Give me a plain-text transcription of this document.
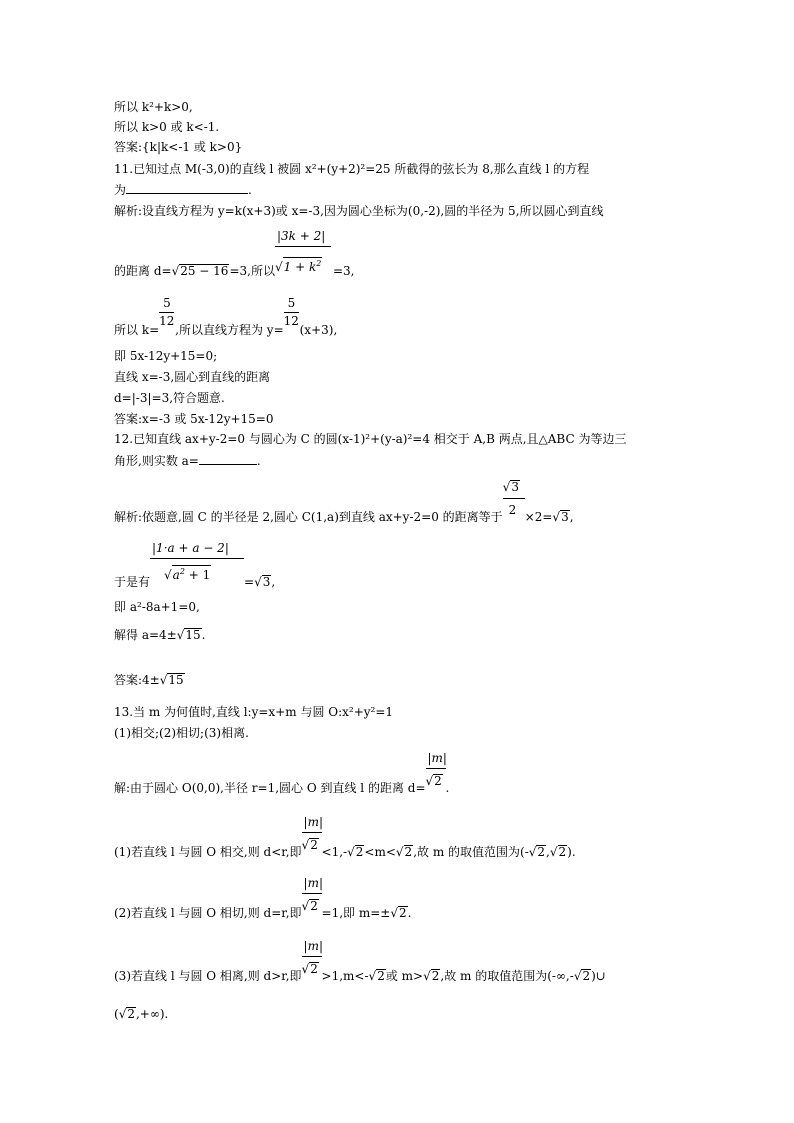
所以 k²+k>0,
所以 k>0 或 k<-1.
答案:{k|k<-1 或 k>0}
11.已知过点 M(-3,0)的直线 l 被圆 x²+(y+2)²=25 所截得的弦长为 8,那么直线 l 的方程
为	.
解析:设直线方程为 y=k(x+3)或 x=-3,因为圆心坐标为(0,-2),圆的半径为 5,所以圆心到直线
的距离 d=√25 − 16=3,所以 $\frac{|3k + 2|}{√1 + k^2} =3$,
所以 $k= \frac{5}{12}$ ,所以直线方程为 $y= \frac{5}{12} (x+3)$,
即 5x-12y+15=0;
直线 x=-3,圆心到直线的距离
d=|-3|=3,符合题意.
答案:x=-3 或 5x-12y+15=0
12.已知直线 ax+y-2=0 与圆心为 C 的圆(x-1)²+(y-a)²=4 相交于 A,B 两点,且△ABC 为等边三
角形,则实数 a=	.
解析:依题意,圆 C 的半径是 2,圆心 C(1,a)到直线 ax+y-2=0 的距离等于 $\frac{√3}{2} \times 2=√3$,
于是有 $\frac{|1\cdot a + a - 2|}{√a^2 + 1} =√3$,
即 a²-8a+1=0,
解得 a=4±√15.
答案:4±√15
13.当 m 为何值时,直线 l:y=x+m 与圆 O:x²+y²=1
(1)相交;(2)相切;(3)相离.
解:由于圆心 O(0,0),半径 r=1,圆心 O 到直线 l 的距离 $d= \frac{|m|}{√2}$ .
(1)若直线 l 与圆 O 相交,则 d<r,即 $\frac{|m|}{√2} <1,-√2<m<√2$,故 m 的取值范围为(-√2,√2).
(2)若直线 l 与圆 O 相切,则 d=r,即 $\frac{|m|}{√2} =1$,即 m=±√2.
(3)若直线 l 与圆 O 相离,则 d>r,即 $\frac{|m|}{√2} >1,m<-√2$或 m>√2,故 m 的取值范围为(-∞,-√2)∪
(√2,+∞).
